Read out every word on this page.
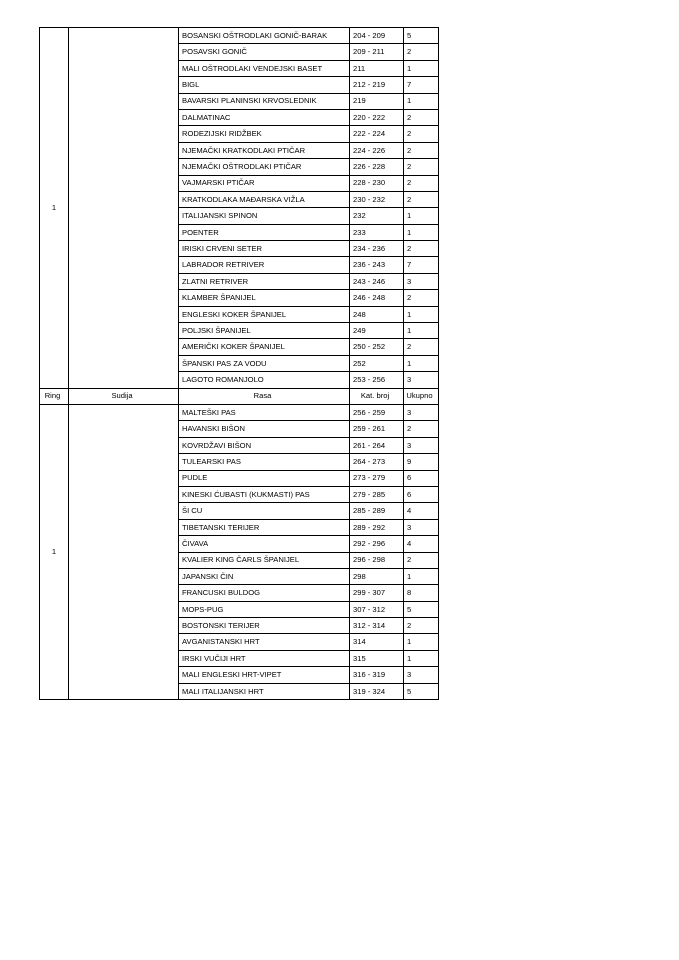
1		BOSANSKI OŠTRODLAKI GONIČ-BARAK	204 - 209	5
		POSAVSKI GONIČ	209 - 211	2
		MALI OŠTRODLAKI VENDEJSKI BASET	211	1
		BIGL	212 - 219	7
		BAVARSKI PLANINSKI KRVOSLEDNIK	219	1
		DALMATINAC	220 - 222	2
		RODEZIJSKI RIDŽBEK	222 - 224	2
		NJEMAČKI KRATKODLAKI PTIČAR	224 - 226	2
		NJEMAČKI OŠTRODLAKI PTIČAR	226 - 228	2
		VAJMARSKI PTIČAR	228 - 230	2
		KRATKODLAKA MAĐARSKA VIŽLA	230 - 232	2
		ITALIJANSKI SPINON	232	1
		POENTER	233	1
		IRISKI CRVENI SETER	234 - 236	2
		LABRADOR RETRIVER	236 - 243	7
		ZLATNI RETRIVER	243 - 246	3
		KLAMBER ŠPANIJEL	246 - 248	2
		ENGLESKI KOKER ŠPANIJEL	248	1
		POLJSKI ŠPANIJEL	249	1
		AMERIČKI KOKER ŠPANIJEL	250 - 252	2
		ŠPANSKI PAS ZA VODU	252	1
		LAGOTO ROMANJOLO	253 - 256	3
Ring	Sudija	Rasa	Kat. broj	Ukupno
1		MALTEŠKI PAS	256 - 259	3
		HAVANSKI BIŠON	259 - 261	2
		KOVRDŽAVI BIŠON	261 - 264	3
		TULEARSKI PAS	264 - 273	9
		PUDLE	273 - 279	6
		KINESKI ĆUBASTI (KUKMASTI) PAS	279 - 285	6
		ŠI CU	285 - 289	4
		TIBETANSKI TERIJER	289 - 292	3
		ČIVAVA	292 - 296	4
		KVALIER KING ČARLS ŠPANIJEL	296 - 298	2
		JAPANSKI ČIN	298	1
		FRANCUSKI BULDOG	299 - 307	8
		MOPS-PUG	307 - 312	5
		BOSTONSKI TERIJER	312 - 314	2
		AVGANISTANSKI HRT	314	1
		IRSKI VUČIJI HRT	315	1
		MALI ENGLESKI HRT-VIPET	316 - 319	3
		MALI ITALIJANSKI HRT	319 - 324	5
